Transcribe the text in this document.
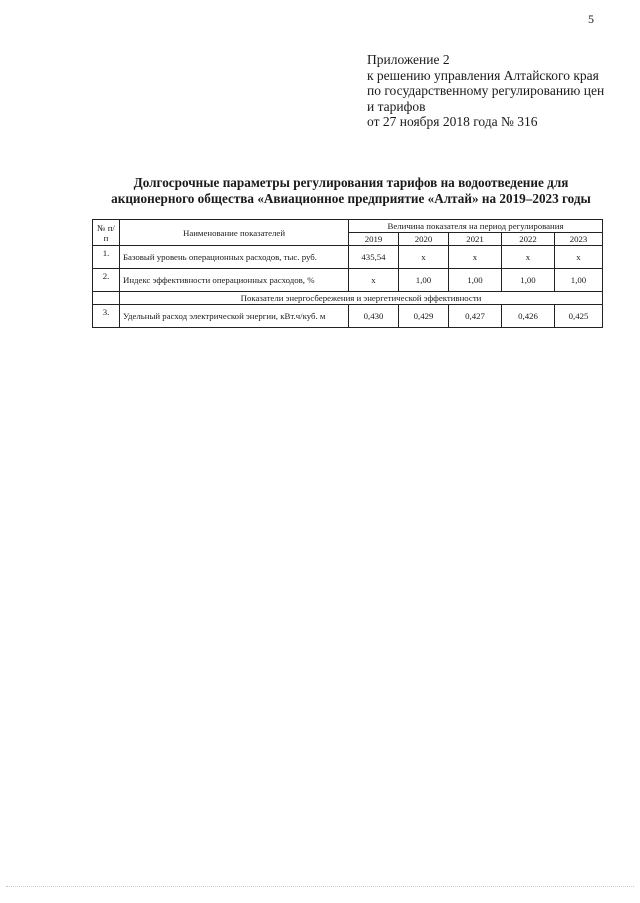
5
Приложение 2
к решению управления Алтайского края
по государственному регулированию цен
и тарифов
от 27 ноября 2018 года № 316
Долгосрочные параметры регулирования тарифов на водоотведение для
акционерного общества «Авиационное предприятие «Алтай» на 2019–2023 годы
№ п/п	Наименование показателей	Величина показателя на период регулирования				
		2019	2020	2021	2022	2023
1.	Базовый уровень операционных расходов, тыс. руб.	435,54	x	x	x	x
2.	Индекс эффективности операционных расходов, %	x	1,00	1,00	1,00	1,00
	Показатели энергосбережения и энергетической эффективности					
3.	Удельный расход электрической энергии, кВт.ч/куб. м	0,430	0,429	0,427	0,426	0,425
